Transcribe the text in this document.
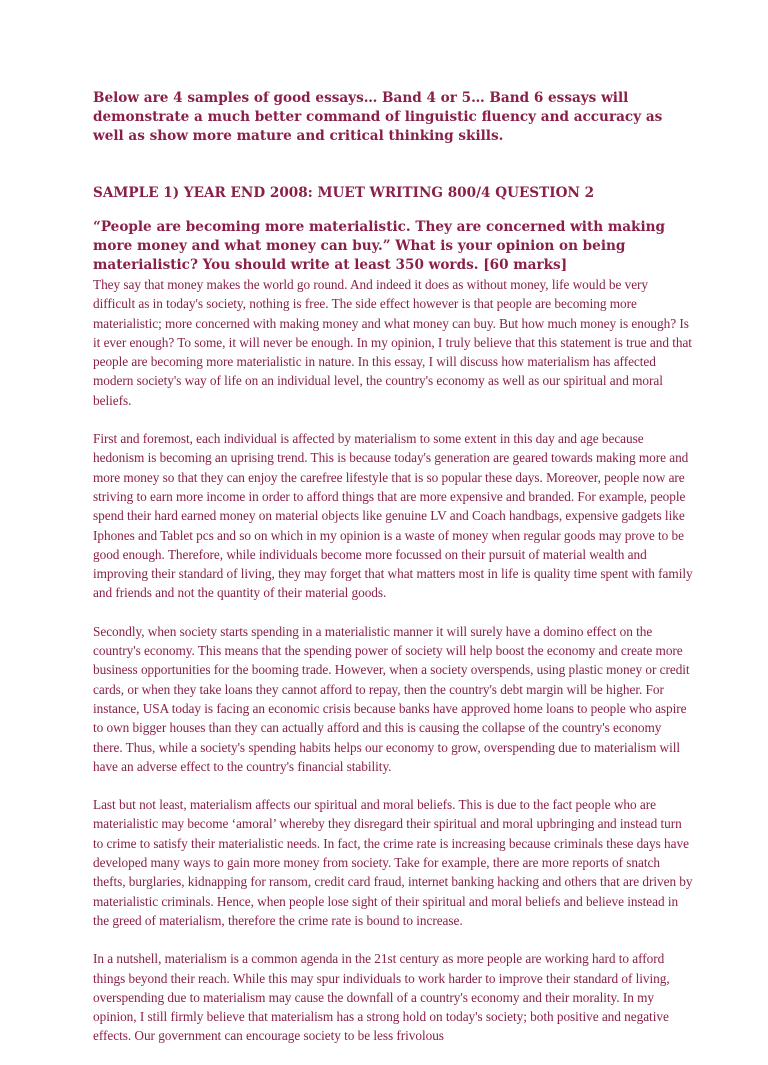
Below are 4 samples of good essays… Band 4 or 5… Band 6 essays will demonstrate a much better command of linguistic fluency and accuracy as well as show more mature and critical thinking skills.

SAMPLE 1) YEAR END 2008: MUET WRITING 800/4 QUESTION 2

“People are becoming more materialistic. They are concerned with making more money and what money can buy.” What is your opinion on being materialistic? You should write at least 350 words. [60 marks]

They say that money makes the world go round. And indeed it does as without money, life would be very difficult as in today's society, nothing is free. The side effect however is that people are becoming more materialistic; more concerned with making money and what money can buy. But how much money is enough? Is it ever enough? To some, it will never be enough. In my opinion, I truly believe that this statement is true and that people are becoming more materialistic in nature. In this essay, I will discuss how materialism has affected modern society's way of life on an individual level, the country's economy as well as our spiritual and moral beliefs.

First and foremost, each individual is affected by materialism to some extent in this day and age because hedonism is becoming an uprising trend. This is because today's generation are geared towards making more and more money so that they can enjoy the carefree lifestyle that is so popular these days. Moreover, people now are striving to earn more income in order to afford things that are more expensive and branded. For example, people spend their hard earned money on material objects like genuine LV and Coach handbags, expensive gadgets like Iphones and Tablet pcs and so on which in my opinion is a waste of money when regular goods may prove to be good enough. Therefore, while individuals become more focussed on their pursuit of material wealth and improving their standard of living, they may forget that what matters most in life is quality time spent with family and friends and not the quantity of their material goods.

Secondly, when society starts spending in a materialistic manner it will surely have a domino effect on the country's economy. This means that the spending power of society will help boost the economy and create more business opportunities for the booming trade. However, when a society overspends, using plastic money or credit cards, or when they take loans they cannot afford to repay, then the country's debt margin will be higher. For instance, USA today is facing an economic crisis because banks have approved home loans to people who aspire to own bigger houses than they can actually afford and this is causing the collapse of the country's economy there. Thus, while a society's spending habits helps our economy to grow, overspending due to materialism will have an adverse effect to the country's financial stability.

Last but not least, materialism affects our spiritual and moral beliefs. This is due to the fact people who are materialistic may become ‘amoral’ whereby they disregard their spiritual and moral upbringing and instead turn to crime to satisfy their materialistic needs. In fact, the crime rate is increasing because criminals these days have developed many ways to gain more money from society. Take for example, there are more reports of snatch thefts, burglaries, kidnapping for ransom, credit card fraud, internet banking hacking and others that are driven by materialistic criminals. Hence, when people lose sight of their spiritual and moral beliefs and believe instead in the greed of materialism, therefore the crime rate is bound to increase.

In a nutshell, materialism is a common agenda in the 21st century as more people are working hard to afford things beyond their reach. While this may spur individuals to work harder to improve their standard of living, overspending due to materialism may cause the downfall of a country's economy and their morality. In my opinion, I still firmly believe that materialism has a strong hold on today's society; both positive and negative effects. Our government can encourage society to be less frivolous
